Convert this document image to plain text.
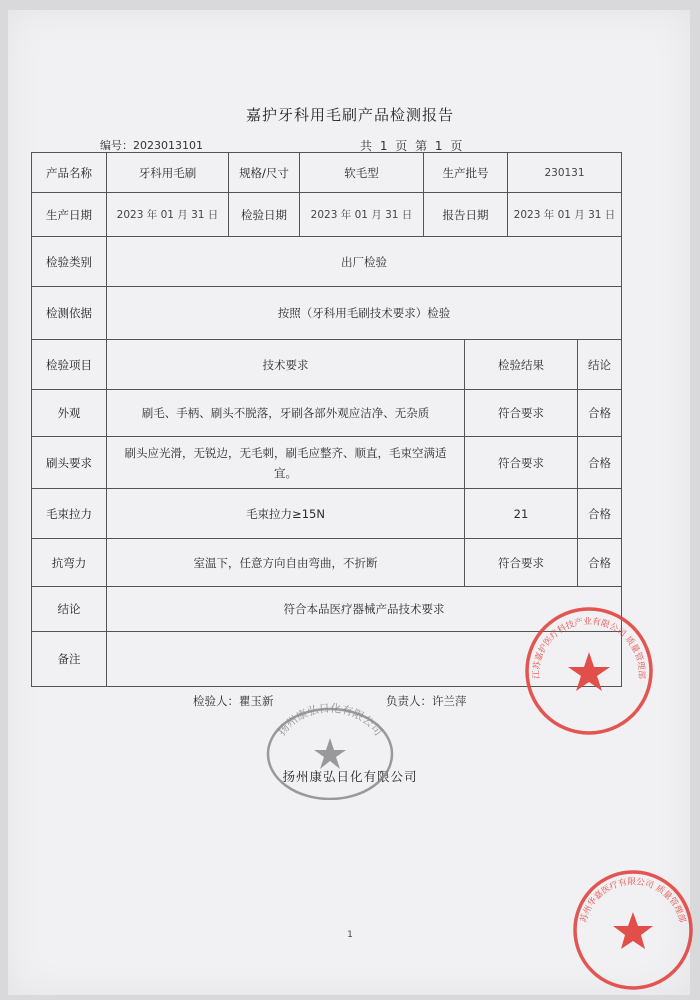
嘉护牙科用毛刷产品检测报告
编号：2023013101	共 1 页 第 1 页
产品名称	牙科用毛刷	规格/尺寸	软毛型	生产批号		230131	
生产日期	2023 年 01 月 31 日	检验日期	2023 年 01 月 31 日	报告日期		2023 年 01 月 31 日	
检验类别	出厂检验						
检测依据	按照（牙科用毛刷技术要求）检验						
检验项目	技术要求				检验结果		结论
外观	刷毛、手柄、刷头不脱落，牙刷各部外观应洁净、无杂质				符合要求		合格
刷头要求	刷头应光滑，无锐边，无毛刺，刷毛应整齐、顺直，毛束空满适宜。				符合要求		合格
毛束拉力	毛束拉力≥15N				21		合格
抗弯力	室温下，任意方向自由弯曲，不折断				符合要求		合格
结论	符合本品医疗器械产品技术要求						
备注							
检验人：瞿玉新	负责人：许兰萍
扬州康弘日化有限公司
1
扬州康弘日化有限公司
江苏嘉护医疗科技产业有限公司 质量管理部
苏州华嘉医疗有限公司 质量管理部
